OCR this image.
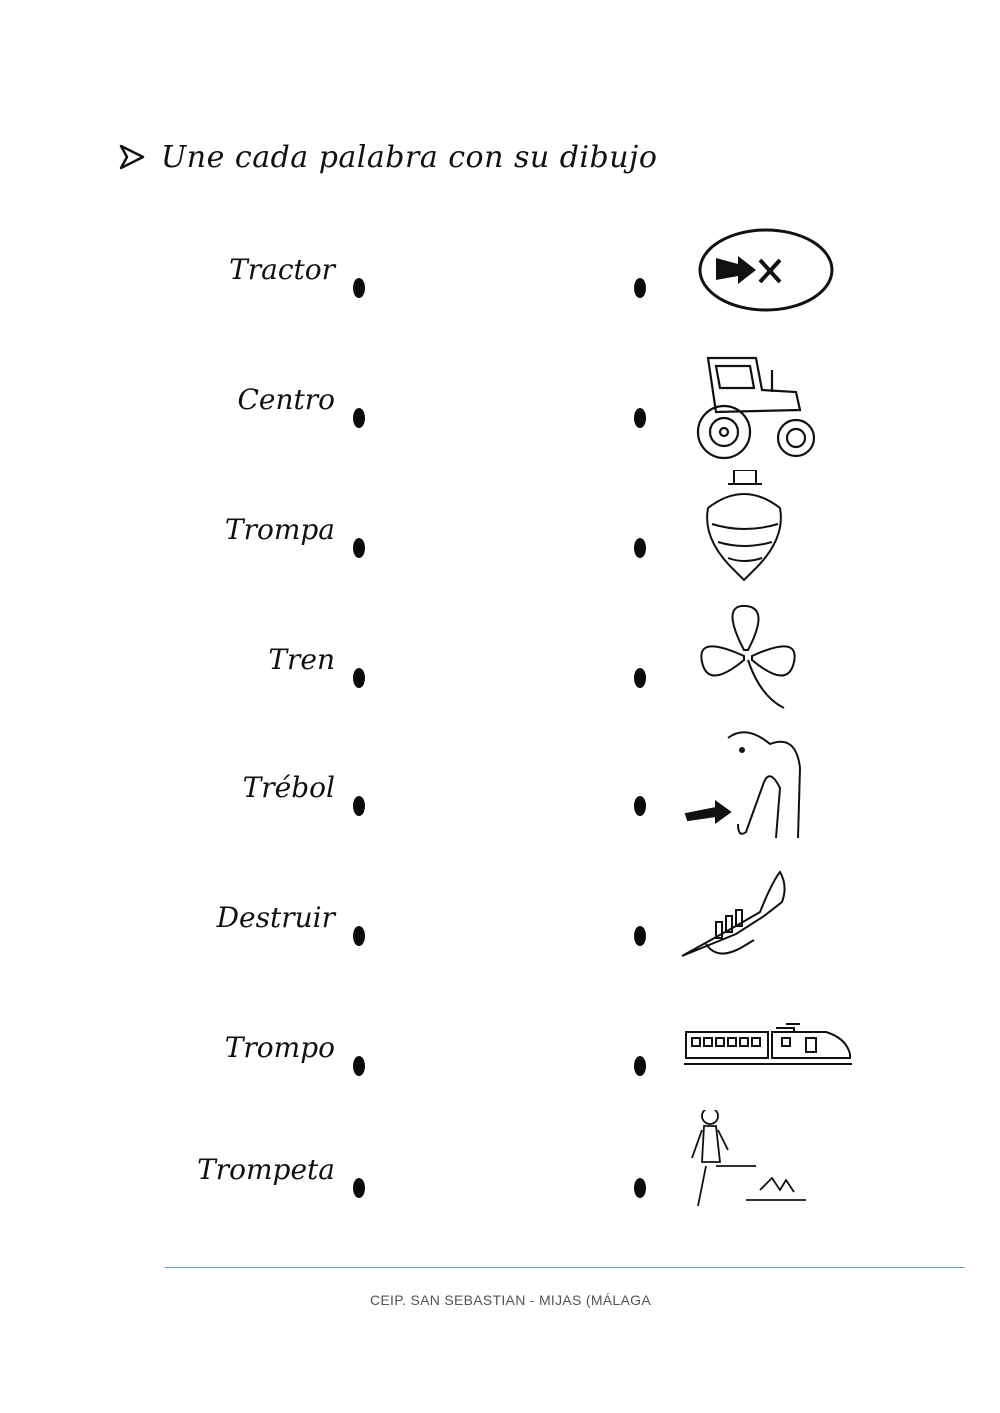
Une cada palabra con su dibujo
Tractor
Centro
Trompa
Tren
Trébol
Destruir
Trompo
Trompeta
CEIP. SAN SEBASTIAN - MIJAS (MÁLAGA
